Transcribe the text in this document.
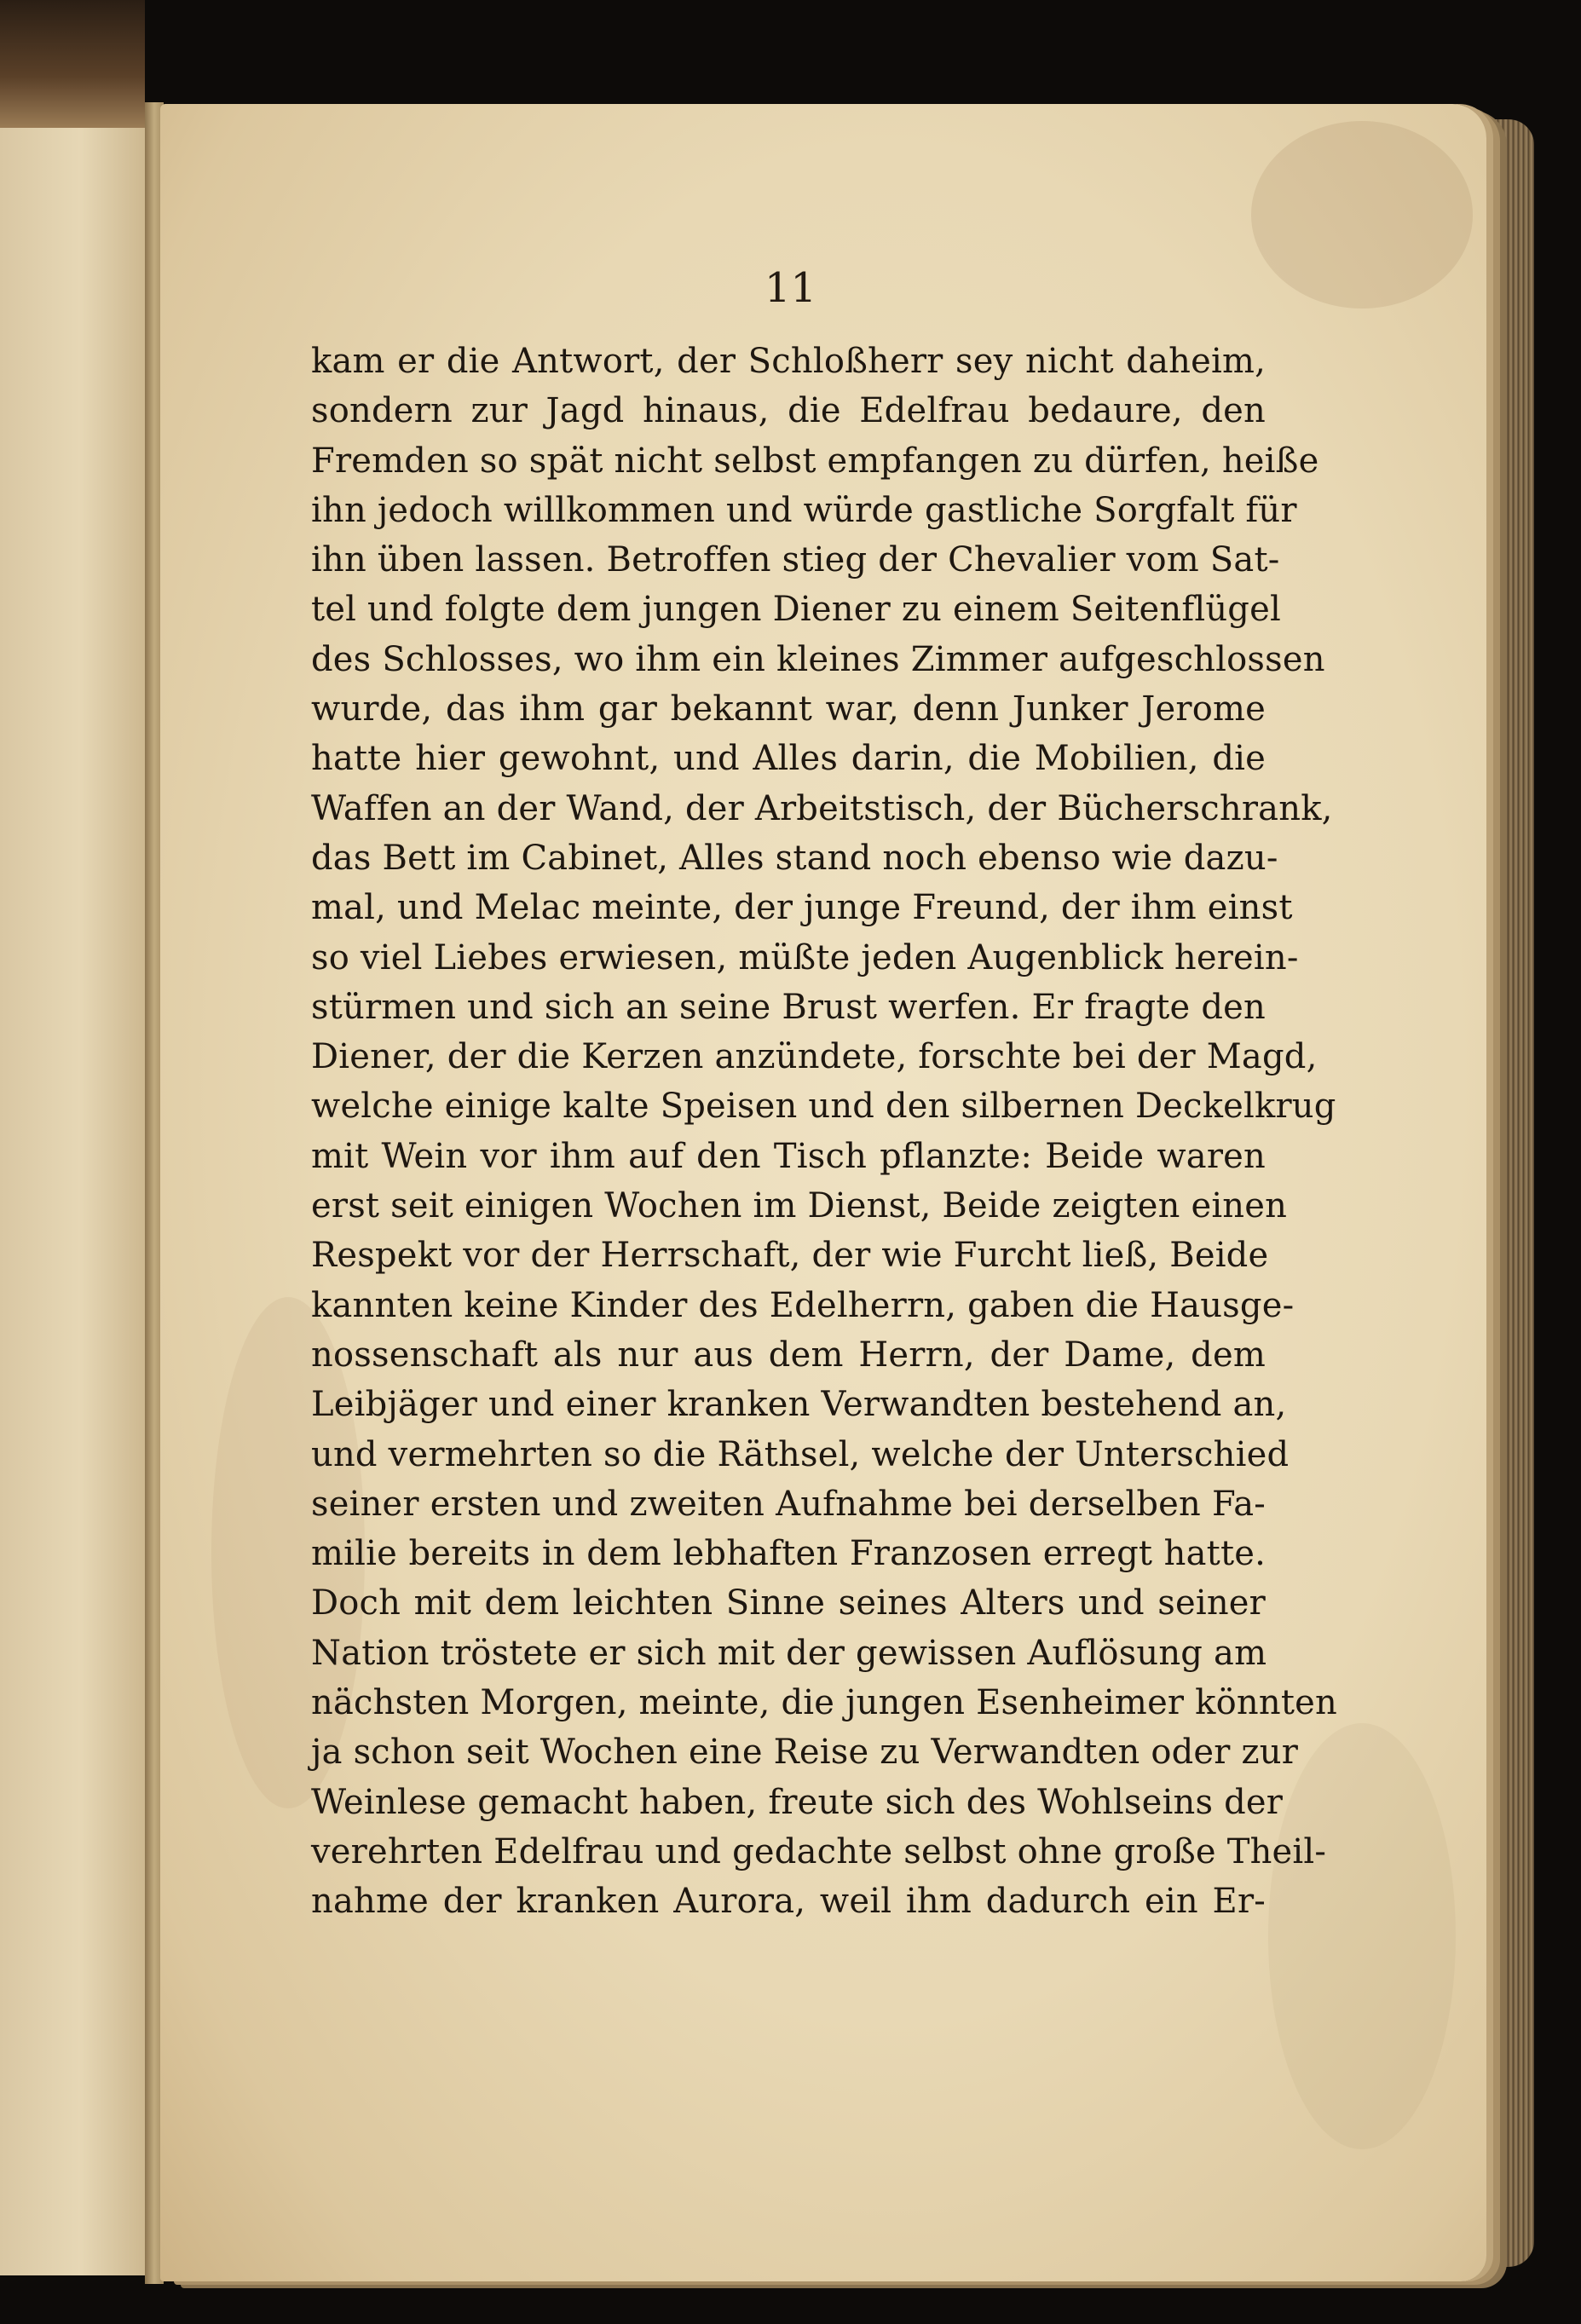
11

kam er die Antwort, der Schloßherr sey nicht daheim,
sondern zur Jagd hinaus, die Edelfrau bedaure, den
Fremden so spät nicht selbst empfangen zu dürfen, heiße
ihn jedoch willkommen und würde gastliche Sorgfalt für
ihn üben lassen. Betroffen stieg der Chevalier vom Sat-
tel und folgte dem jungen Diener zu einem Seitenflügel
des Schlosses, wo ihm ein kleines Zimmer aufgeschlossen
wurde, das ihm gar bekannt war, denn Junker Jerome
hatte hier gewohnt, und Alles darin, die Mobilien, die
Waffen an der Wand, der Arbeitstisch, der Bücherschrank,
das Bett im Cabinet, Alles stand noch ebenso wie dazu-
mal, und Melac meinte, der junge Freund, der ihm einst
so viel Liebes erwiesen, müßte jeden Augenblick herein-
stürmen und sich an seine Brust werfen. Er fragte den
Diener, der die Kerzen anzündete, forschte bei der Magd,
welche einige kalte Speisen und den silbernen Deckelkrug
mit Wein vor ihm auf den Tisch pflanzte: Beide waren
erst seit einigen Wochen im Dienst, Beide zeigten einen
Respekt vor der Herrschaft, der wie Furcht ließ, Beide
kannten keine Kinder des Edelherrn, gaben die Hausge-
nossenschaft als nur aus dem Herrn, der Dame, dem
Leibjäger und einer kranken Verwandten bestehend an,
und vermehrten so die Räthsel, welche der Unterschied
seiner ersten und zweiten Aufnahme bei derselben Fa-
milie bereits in dem lebhaften Franzosen erregt hatte.
Doch mit dem leichten Sinne seines Alters und seiner
Nation tröstete er sich mit der gewissen Auflösung am
nächsten Morgen, meinte, die jungen Esenheimer könnten
ja schon seit Wochen eine Reise zu Verwandten oder zur
Weinlese gemacht haben, freute sich des Wohlseins der
verehrten Edelfrau und gedachte selbst ohne große Theil-
nahme der kranken Aurora, weil ihm dadurch ein Er-
